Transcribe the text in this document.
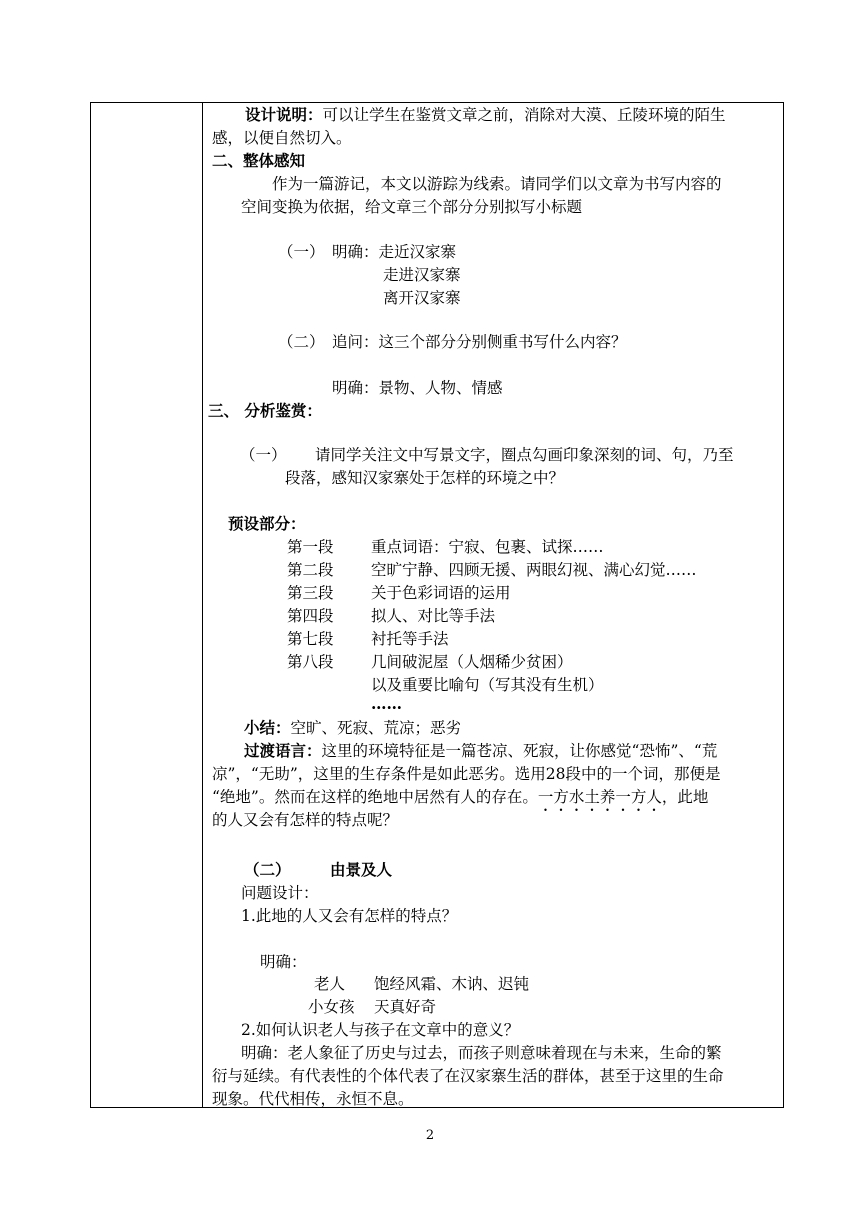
设计说明：可以让学生在鉴赏文章之前，消除对大漠、丘陵环境的陌生
感，以便自然切入。
二、整体感知
作为一篇游记，本文以游踪为线索。请同学们以文章为书写内容的
空间变换为依据，给文章三个部分分别拟写小标题
（一） 明确：走近汉家寨
走进汉家寨
离开汉家寨
（二） 追问：这三个部分分别侧重书写什么内容？
明确：景物、人物、情感
三、 分析鉴赏：
（一） 请同学关注文中写景文字，圈点勾画印象深刻的词、句，乃至
段落，感知汉家寨处于怎样的环境之中？
预设部分：
第一段 重点词语：宁寂、包裹、试探……
第二段 空旷宁静、四顾无援、两眼幻视、满心幻觉……
第三段 关于色彩词语的运用
第四段 拟人、对比等手法
第七段 衬托等手法
第八段 几间破泥屋（人烟稀少贫困）
以及重要比喻句（写其没有生机）
……
小结：空旷、死寂、荒凉；恶劣
过渡语言：这里的环境特征是一篇苍凉、死寂，让你感觉“恐怖”、“荒
凉”，“无助”，这里的生存条件是如此恶劣。选用28段中的一个词，那便是
“绝地”。然而在这样的绝地中居然有人的存在。一方水土养一方人，此地
的人又会有怎样的特点呢？
（二）	由景及人
问题设计：
1.此地的人又会有怎样的特点？
明确：
老人 饱经风霜、木讷、迟钝
小女孩 天真好奇
2.如何认识老人与孩子在文章中的意义？
明确：老人象征了历史与过去，而孩子则意味着现在与未来，生命的繁
衍与延续。有代表性的个体代表了在汉家寨生活的群体，甚至于这里的生命
现象。代代相传，永恒不息。
2
